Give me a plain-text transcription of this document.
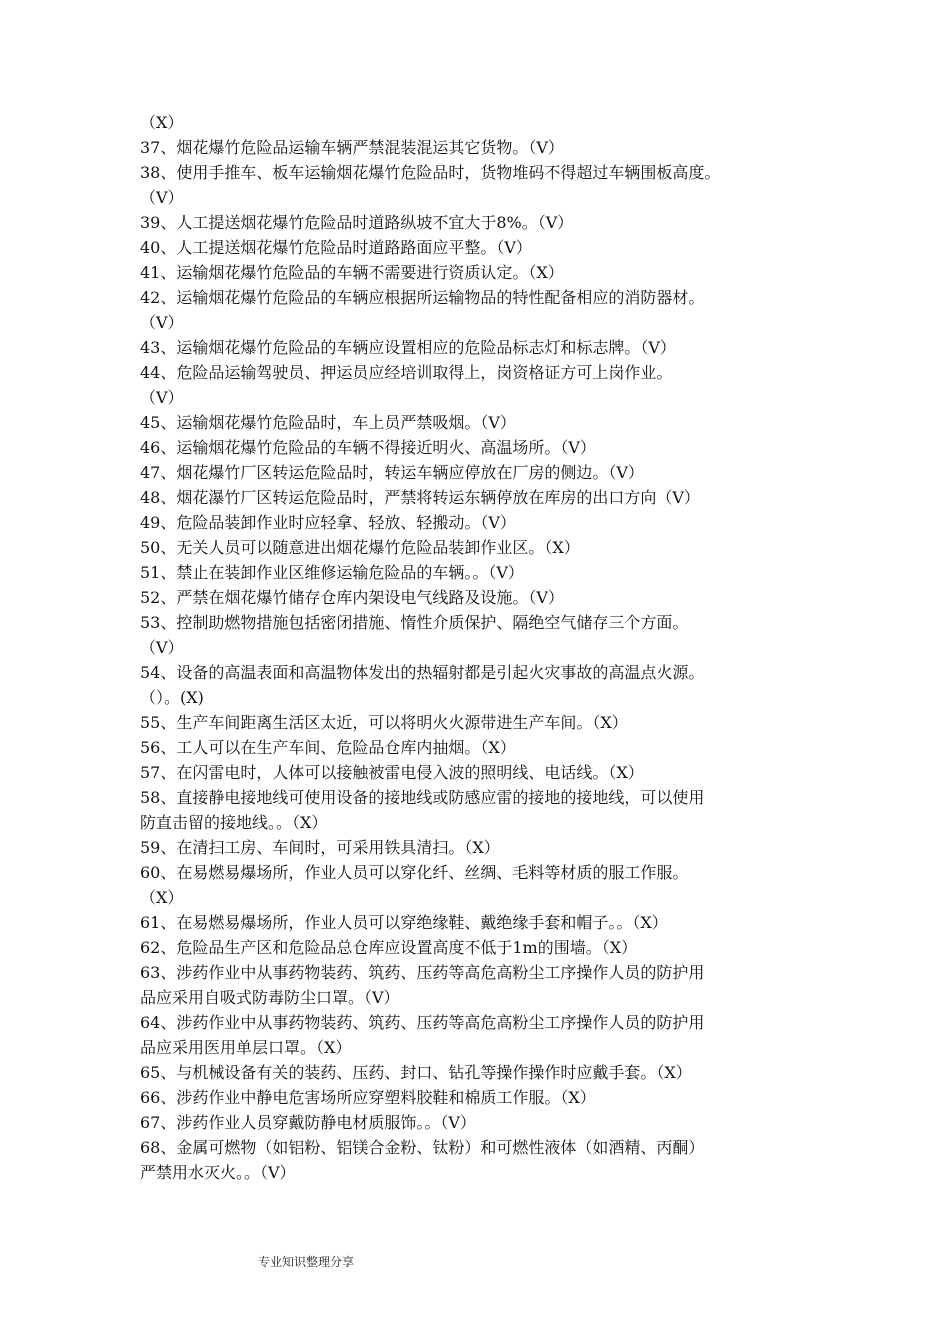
（X）
37、烟花爆竹危险品运输车辆严禁混装混运其它货物。（V）
38、使用手推车、板车运输烟花爆竹危险品时，货物堆码不得超过车辆围板高度。
（V）
39、人工提送烟花爆竹危险品时道路纵坡不宜大于8%。（V）
40、人工提送烟花爆竹危险品时道路路面应平整。（V）
41、运输烟花爆竹危险品的车辆不需要进行资质认定。（X）
42、运输烟花爆竹危险品的车辆应根据所运输物品的特性配备相应的消防器材。
（V）
43、运输烟花爆竹危险品的车辆应设置相应的危险品标志灯和标志牌。（V）
44、危险品运输驾驶员、押运员应经培训取得上，岗资格证方可上岗作业。
（V）
45、运输烟花爆竹危险品时，车上员严禁吸烟。（V）
46、运输烟花爆竹危险品的车辆不得接近明火、高温场所。（V）
47、烟花爆竹厂区转运危险品时，转运车辆应停放在厂房的侧边。（V）
48、烟花瀑竹厂区转运危险品时，严禁将转运东辆停放在库房的出口方向（V）
49、危险品装卸作业时应轻拿、轻放、轻搬动。（V）
50、无关人员可以随意进出烟花爆竹危险品装卸作业区。（X）
51、禁止在装卸作业区维修运输危险品的车辆。。（V）
52、严禁在烟花爆竹储存仓库内架设电气线路及设施。（V）
53、控制助燃物措施包括密闭措施、惰性介质保护、隔绝空气储存三个方面。
（V）
54、设备的高温表面和高温物体发出的热辐射都是引起火灾事故的高温点火源。
（）。(X)
55、生产车间距离生活区太近，可以将明火火源带进生产车间。（X）
56、工人可以在生产车间、危险品仓库内抽烟。（X）
57、在闪雷电时，人体可以接触被雷电侵入波的照明线、电话线。（X）
58、直接静电接地线可使用设备的接地线或防感应雷的接地的接地线，可以使用
防直击留的接地线。。（X）
59、在清扫工房、车间时，可采用铁具清扫。（X）
60、在易燃易爆场所，作业人员可以穿化纤、丝绸、毛料等材质的服工作服。
（X）
61、在易燃易爆场所，作业人员可以穿绝缘鞋、戴绝缘手套和帽子。。（X）
62、危险品生产区和危险品总仓库应设置高度不低于1m的围墙。（X）
63、涉药作业中从事药物装药、筑药、压药等高危高粉尘工序操作人员的防护用
品应采用自吸式防毒防尘口罩。（V）
64、涉药作业中从事药物装药、筑药、压药等高危高粉尘工序操作人员的防护用
品应采用医用单层口罩。（X）
65、与机械设备有关的装药、压药、封口、钻孔等操作操作时应戴手套。（X）
66、涉药作业中静电危害场所应穿塑料胶鞋和棉质工作服。（X）
67、涉药作业人员穿戴防静电材质服饰。。（V）
68、金属可燃物（如铝粉、铝镁合金粉、钛粉）和可燃性液体（如酒精、丙酮）
严禁用水灭火。。（V）
专业知识整理分享
